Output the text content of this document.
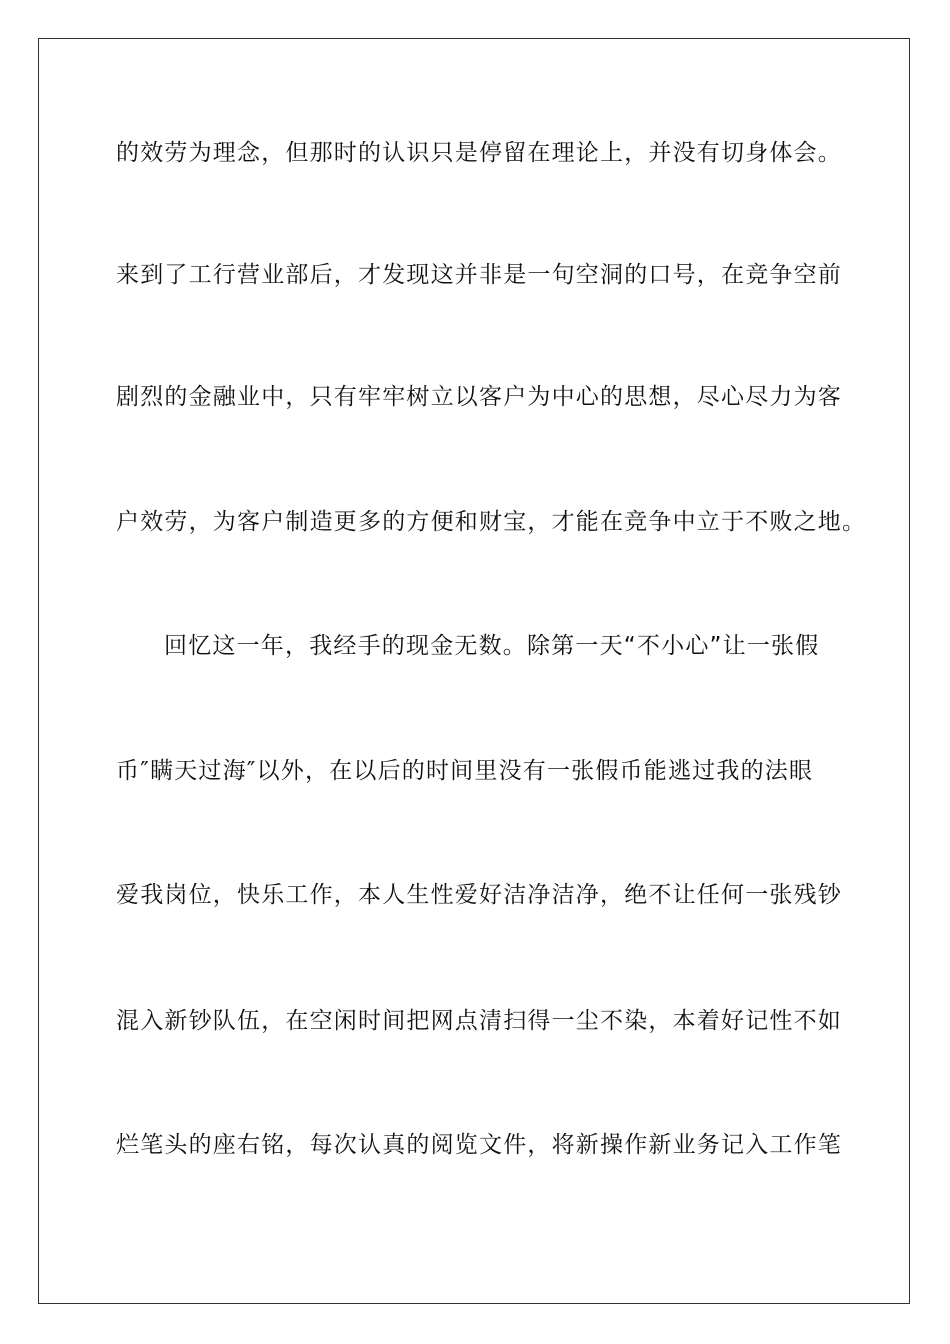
的效劳为理念，但那时的认识只是停留在理论上，并没有切身体会。

来到了工行营业部后，才发现这并非是一句空洞的口号，在竞争空前

剧烈的金融业中，只有牢牢树立以客户为中心的思想，尽心尽力为客

户效劳，为客户制造更多的方便和财宝，才能在竞争中立于不败之地。

回忆这一年，我经手的现金无数。除第一天“不小心”让一张假

币″瞒天过海″以外，在以后的时间里没有一张假币能逃过我的法眼

爱我岗位，快乐工作，本人生性爱好洁净洁净，绝不让任何一张残钞

混入新钞队伍，在空闲时间把网点清扫得一尘不染，本着好记性不如

烂笔头的座右铭，每次认真的阅览文件，将新操作新业务记入工作笔
